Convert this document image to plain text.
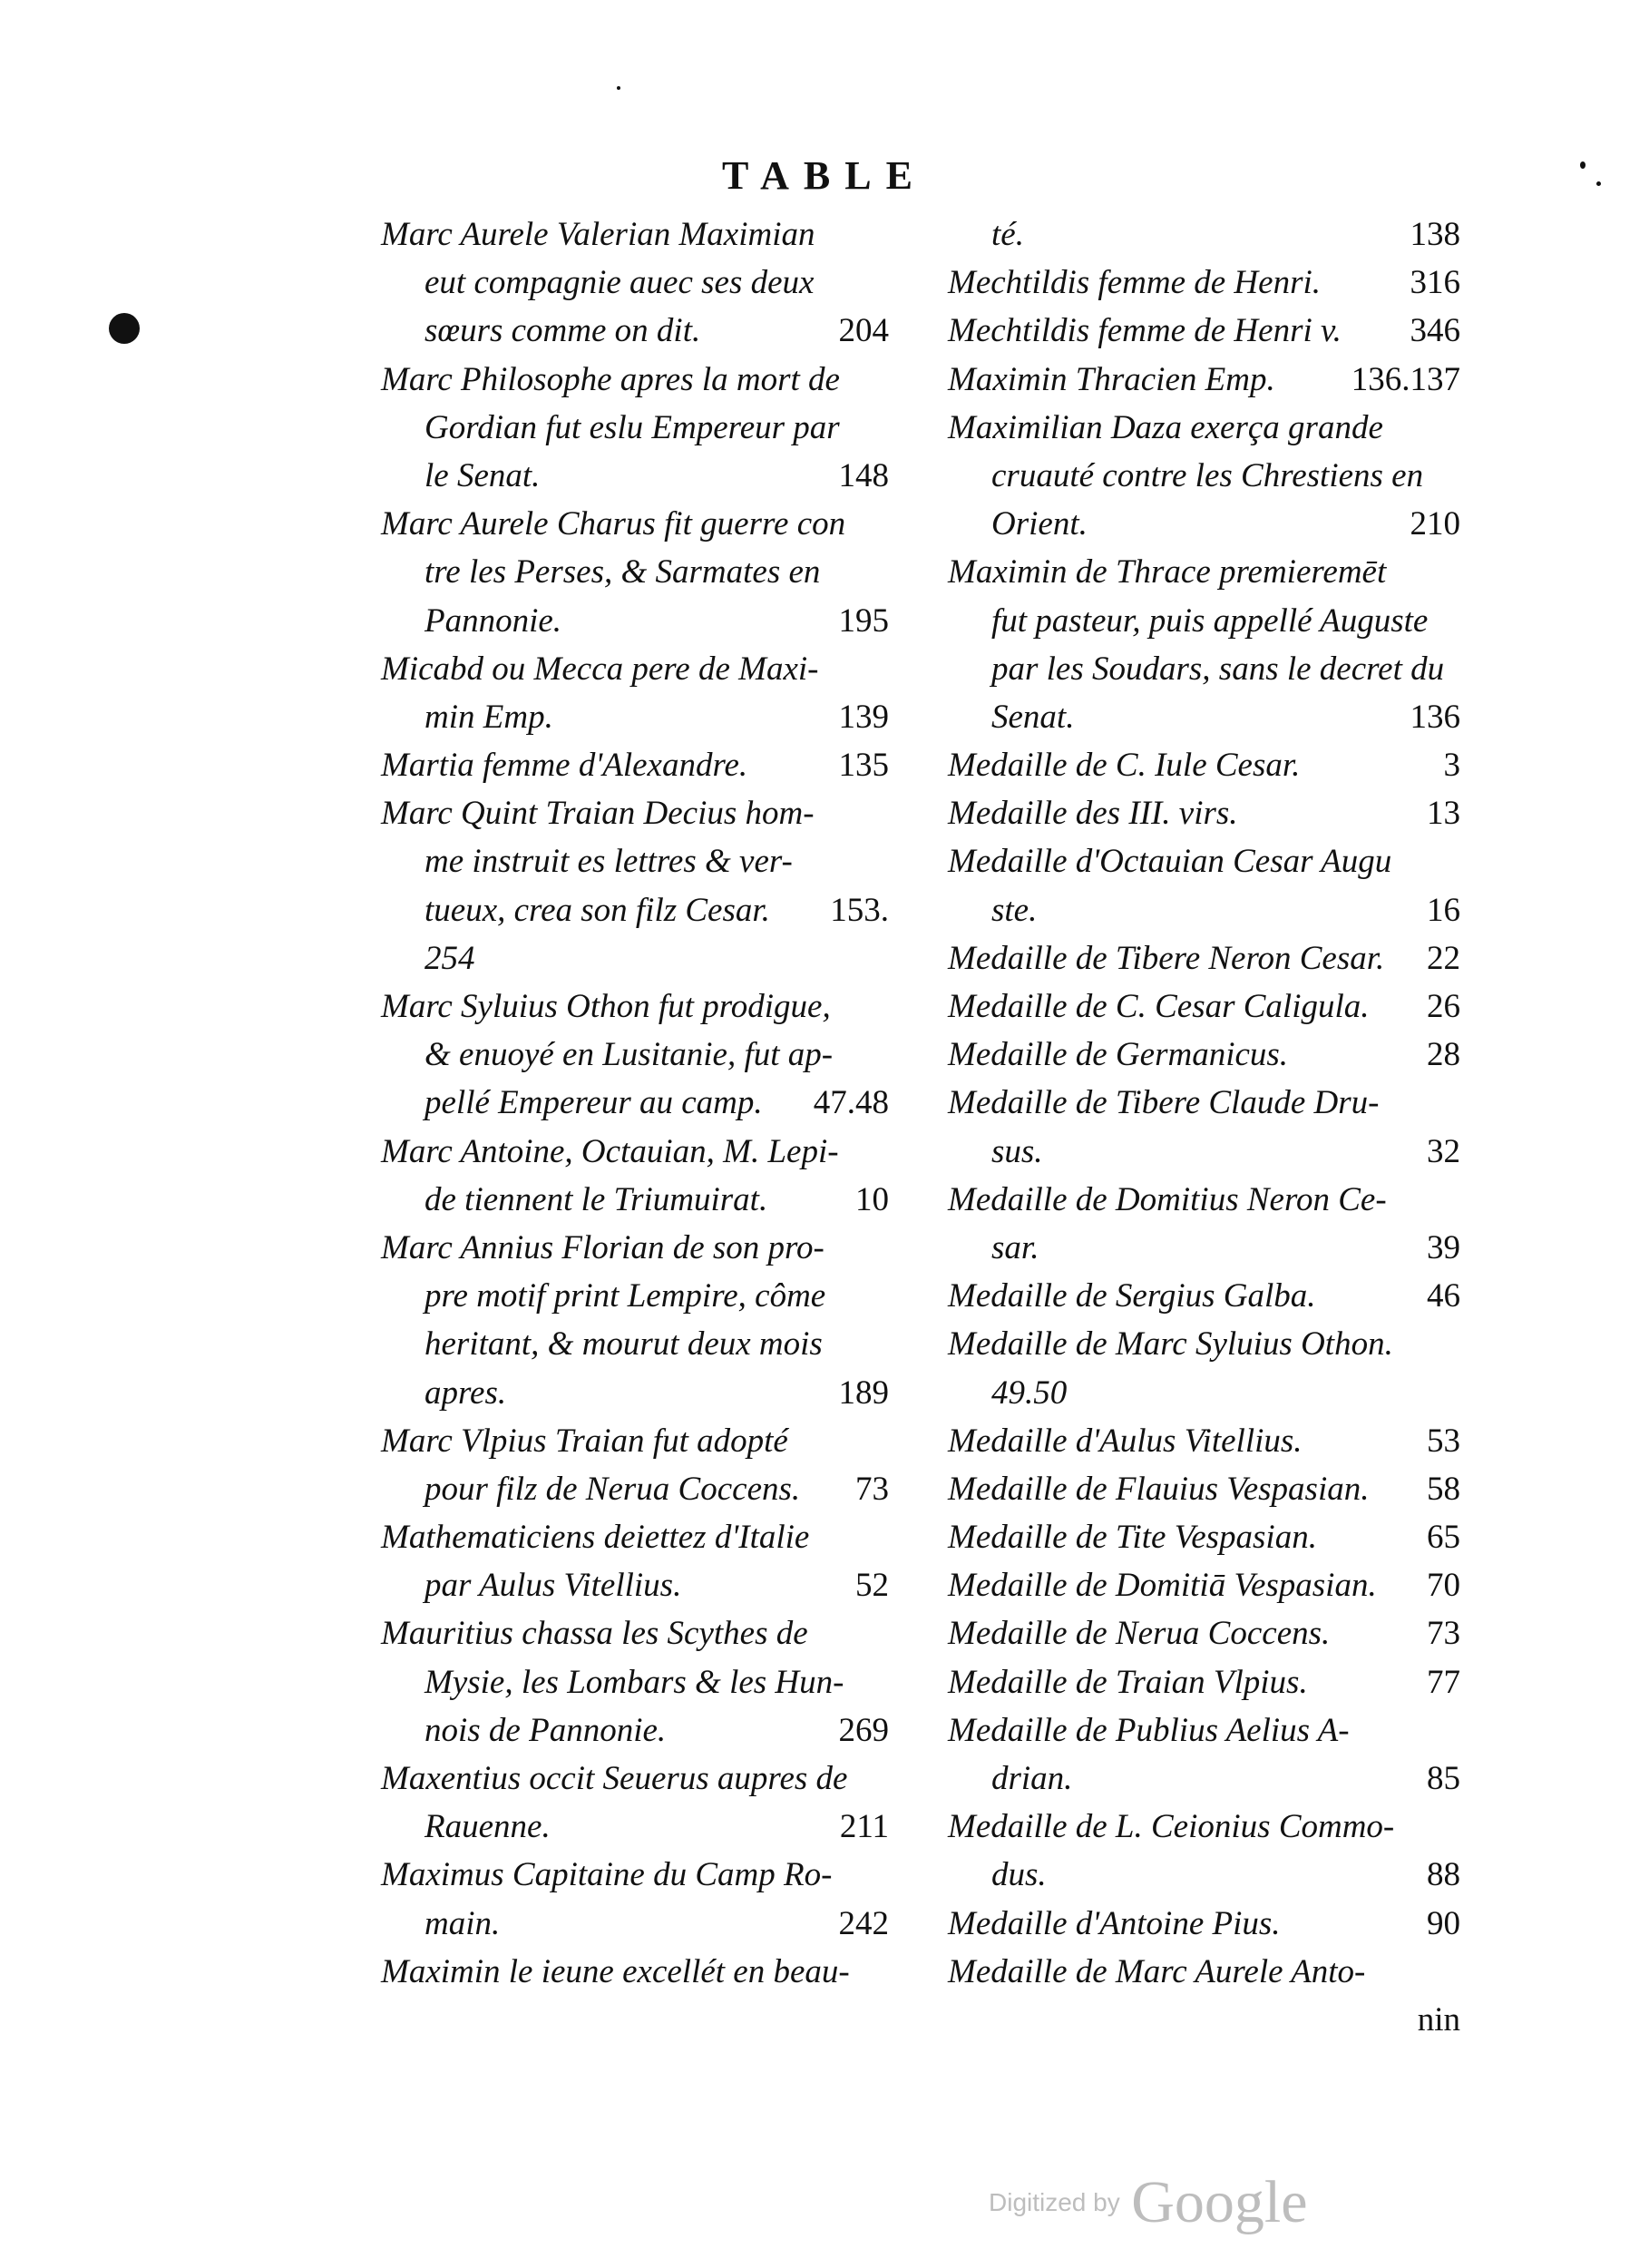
TABLE
Marc Aurele Valerian Maximian
eut compagnie auec ses deux
sœurs comme on dit.	204
Marc Philosophe apres la mort de
Gordian fut eslu Empereur par
le Senat.	148
Marc Aurele Charus fit guerre con
tre les Perses, & Sarmates en
Pannonie.	195
Micabd ou Mecca pere de Maxi-
min Emp.	139
Martia femme d'Alexandre.	135
Marc Quint Traian Decius hom-
me instruit es lettres & ver-
tueux, crea son filz Cesar. 153.
254
Marc Syluius Othon fut prodigue,
& enuoyé en Lusitanie, fut ap-
pellé Empereur au camp. 47.48
Marc Antoine, Octauian, M. Lepi-
de tiennent le Triumuirat.	10
Marc Annius Florian de son pro-
pre motif print Lempire, côme
heritant, & mourut deux mois
apres.	189
Marc Vlpius Traian fut adopté
pour filz de Nerua Coccens. 73
Mathematiciens deiettez d'Italie
par Aulus Vitellius.	52
Mauritius chassa les Scythes de
Mysie, les Lombars & les Hun-
nois de Pannonie.	269
Maxentius occit Seuerus aupres de
Rauenne.	211
Maximus Capitaine du Camp Ro-
main.	242
Maximin le ieune excellét en beau-
té.	138
Mechtildis femme de Henri.	316
Mechtildis femme de Henri v. 346
Maximin Thracien Emp. 136.137
Maximilian Daza exerça grande
cruauté contre les Chrestiens en
Orient.	210
Maximin de Thrace premieremēt
fut pasteur, puis appellé Auguste
par les Soudars, sans le decret du
Senat.	136
Medaille de C. Iule Cesar.	3
Medaille des III. virs.	13
Medaille d'Octauian Cesar Augu
ste.	16
Medaille de Tibere Neron Cesar. 22
Medaille de C. Cesar Caligula. 26
Medaille de Germanicus.	28
Medaille de Tibere Claude Dru-
sus.	32
Medaille de Domitius Neron Ce-
sar.	39
Medaille de Sergius Galba.	46
Medaille de Marc Syluius Othon.
49.50
Medaille d'Aulus Vitellius.	53
Medaille de Flauius Vespasian. 58
Medaille de Tite Vespasian.	65
Medaille de Domitiā Vespasian. 70
Medaille de Nerua Coccens.	73
Medaille de Traian Vlpius.	77
Medaille de Publius Aelius A-
drian.	85
Medaille de L. Ceionius Commo-
dus.	88
Medaille d'Antoine Pius.	90
Medaille de Marc Aurele Anto-
nin
Digitized by Google
